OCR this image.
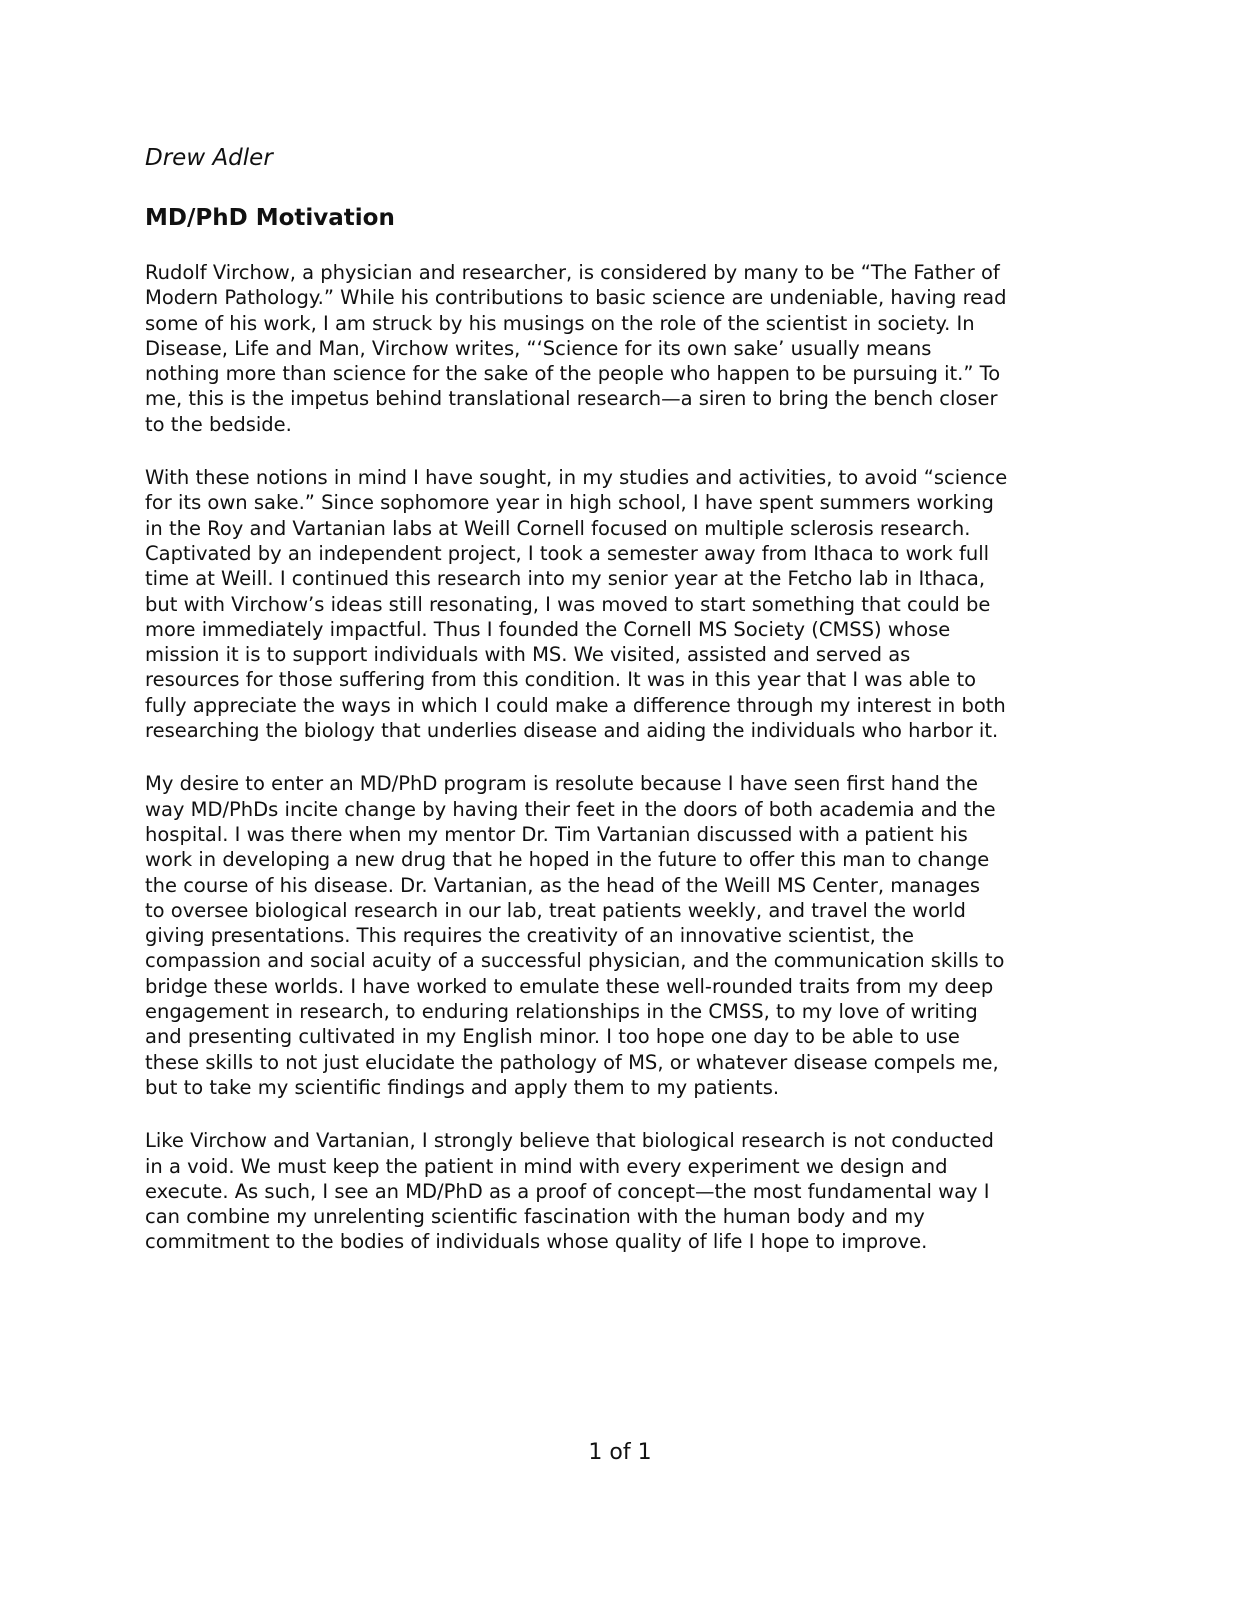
Drew Adler
MD/PhD Motivation
Rudolf Virchow, a physician and researcher, is considered by many to be “The Father of
Modern Pathology.” While his contributions to basic science are undeniable, having read
some of his work, I am struck by his musings on the role of the scientist in society. In
Disease, Life and Man, Virchow writes, “‘Science for its own sake’ usually means
nothing more than science for the sake of the people who happen to be pursuing it.” To
me, this is the impetus behind translational research—a siren to bring the bench closer
to the bedside.
With these notions in mind I have sought, in my studies and activities, to avoid “science
for its own sake.” Since sophomore year in high school, I have spent summers working
in the Roy and Vartanian labs at Weill Cornell focused on multiple sclerosis research.
Captivated by an independent project, I took a semester away from Ithaca to work full
time at Weill. I continued this research into my senior year at the Fetcho lab in Ithaca,
but with Virchow’s ideas still resonating, I was moved to start something that could be
more immediately impactful. Thus I founded the Cornell MS Society (CMSS) whose
mission it is to support individuals with MS. We visited, assisted and served as
resources for those suffering from this condition. It was in this year that I was able to
fully appreciate the ways in which I could make a difference through my interest in both
researching the biology that underlies disease and aiding the individuals who harbor it.
My desire to enter an MD/PhD program is resolute because I have seen first hand the
way MD/PhDs incite change by having their feet in the doors of both academia and the
hospital. I was there when my mentor Dr. Tim Vartanian discussed with a patient his
work in developing a new drug that he hoped in the future to offer this man to change
the course of his disease. Dr. Vartanian, as the head of the Weill MS Center, manages
to oversee biological research in our lab, treat patients weekly, and travel the world
giving presentations. This requires the creativity of an innovative scientist, the
compassion and social acuity of a successful physician, and the communication skills to
bridge these worlds. I have worked to emulate these well-rounded traits from my deep
engagement in research, to enduring relationships in the CMSS, to my love of writing
and presenting cultivated in my English minor. I too hope one day to be able to use
these skills to not just elucidate the pathology of MS, or whatever disease compels me,
but to take my scientific findings and apply them to my patients.
Like Virchow and Vartanian, I strongly believe that biological research is not conducted
in a void. We must keep the patient in mind with every experiment we design and
execute. As such, I see an MD/PhD as a proof of concept—the most fundamental way I
can combine my unrelenting scientific fascination with the human body and my
commitment to the bodies of individuals whose quality of life I hope to improve.
1 of 1
